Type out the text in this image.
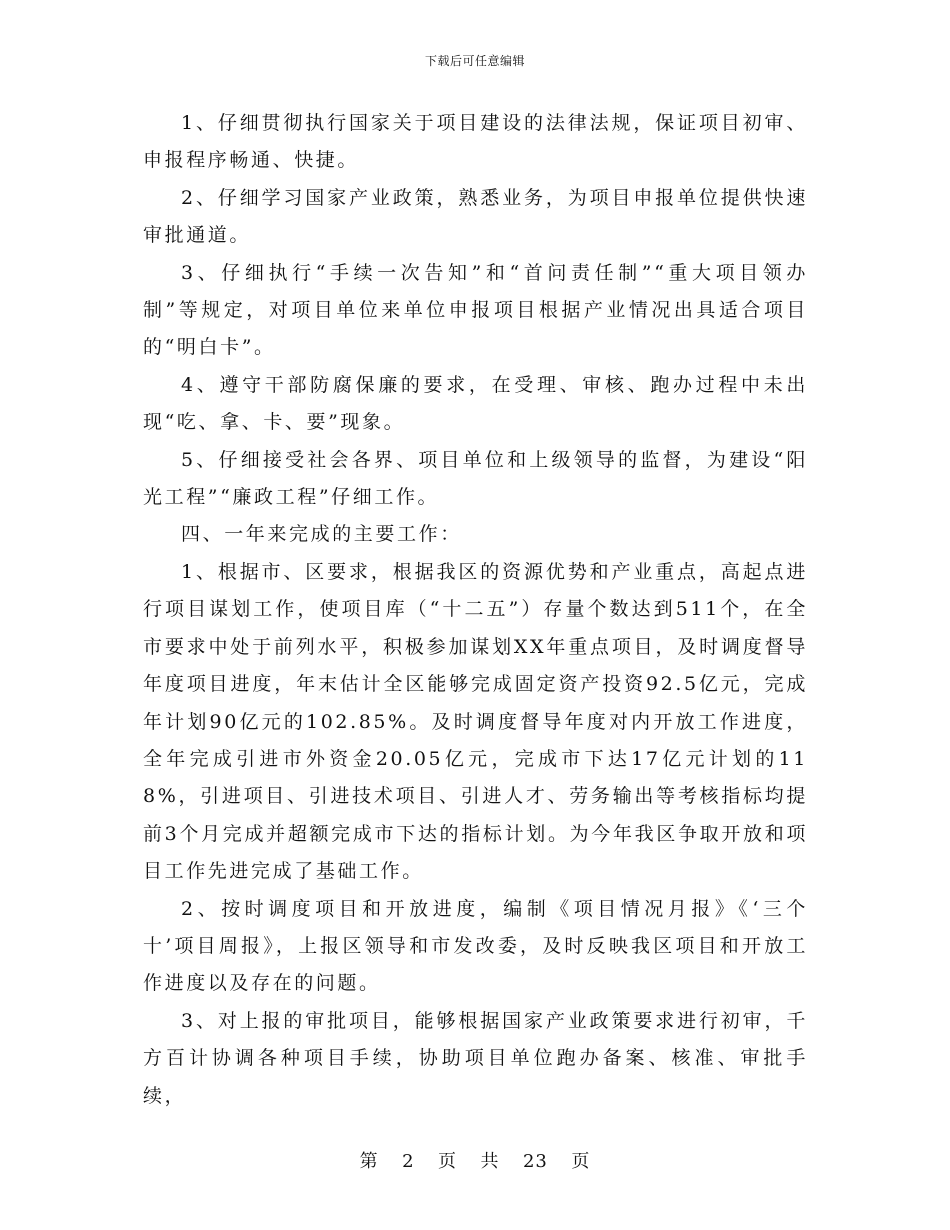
下载后可任意编辑

1、仔细贯彻执行国家关于项目建设的法律法规，保证项目初审、申报程序畅通、快捷。

2、仔细学习国家产业政策，熟悉业务，为项目申报单位提供快速审批通道。

3、仔细执行“手续一次告知”和“首问责任制”“重大项目领办制”等规定，对项目单位来单位申报项目根据产业情况出具适合项目的“明白卡”。

4、遵守干部防腐保廉的要求，在受理、审核、跑办过程中未出现“吃、拿、卡、要”现象。

5、仔细接受社会各界、项目单位和上级领导的监督，为建设“阳光工程”“廉政工程”仔细工作。

四、一年来完成的主要工作：

1、根据市、区要求，根据我区的资源优势和产业重点，高起点进行项目谋划工作，使项目库（“十二五”）存量个数达到511个，在全市要求中处于前列水平，积极参加谋划XX年重点项目，及时调度督导年度项目进度，年末估计全区能够完成固定资产投资92.5亿元，完成年计划90亿元的102.85%。及时调度督导年度对内开放工作进度，全年完成引进市外资金20.05亿元，完成市下达17亿元计划的118%，引进项目、引进技术项目、引进人才、劳务输出等考核指标均提前3个月完成并超额完成市下达的指标计划。为今年我区争取开放和项目工作先进完成了基础工作。

2、按时调度项目和开放进度，编制《项目情况月报》《‘三个十’项目周报》，上报区领导和市发改委，及时反映我区项目和开放工作进度以及存在的问题。

3、对上报的审批项目，能够根据国家产业政策要求进行初审，千方百计协调各种项目手续，协助项目单位跑办备案、核准、审批手续，

第 2 页 共 23 页
